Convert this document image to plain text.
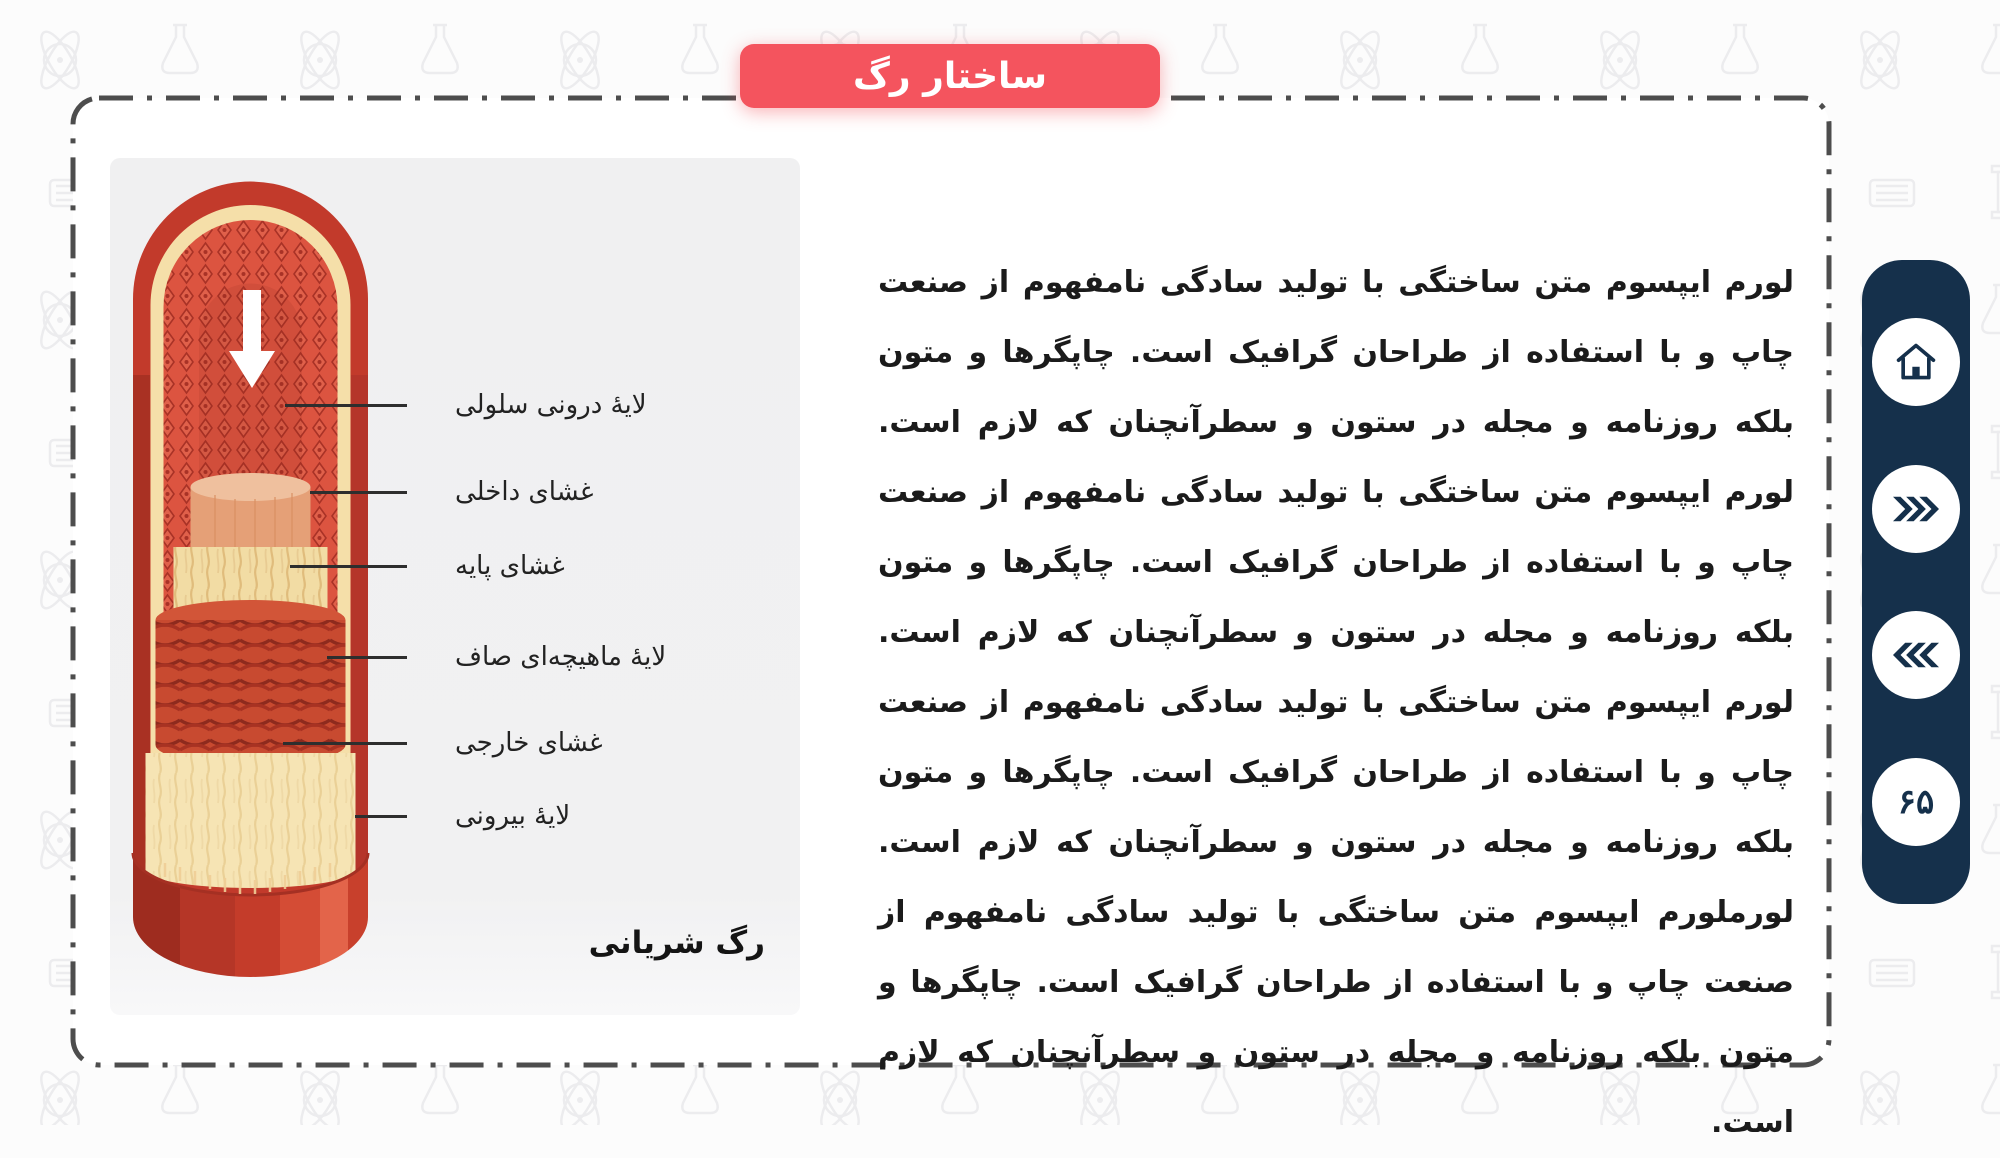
ساختار رگ
لایهٔ درونی سلولی
غشای داخلی
غشای پایه
لایهٔ ماهیچه‌ای صاف
غشای خارجی
لایهٔ بیرونی
رگ شریانی

لورم ایپسوم متن ساختگی با تولید سادگی نامفهوم از صنعت چاپ و با استفاده از طراحان گرافیک است. چاپگرها و متون بلکه روزنامه و مجله در ستون و سطرآنچنان که لازم است. لورم ایپسوم متن ساختگی با تولید سادگی نامفهوم از صنعت چاپ و با استفاده از طراحان گرافیک است. چاپگرها و متون بلکه روزنامه و مجله در ستون و سطرآنچنان که لازم است. لورم ایپسوم متن ساختگی با تولید سادگی نامفهوم از صنعت چاپ و با استفاده از طراحان گرافیک است. چاپگرها و متون بلکه روزنامه و مجله در ستون و سطرآنچنان که لازم است. لورملورم ایپسوم متن ساختگی با تولید سادگی نامفهوم از صنعت چاپ و با استفاده از طراحان گرافیک است. چاپگرها و متون بلکه روزنامه و مجله در ستون و سطرآنچنان که لازم است.

۶۵
